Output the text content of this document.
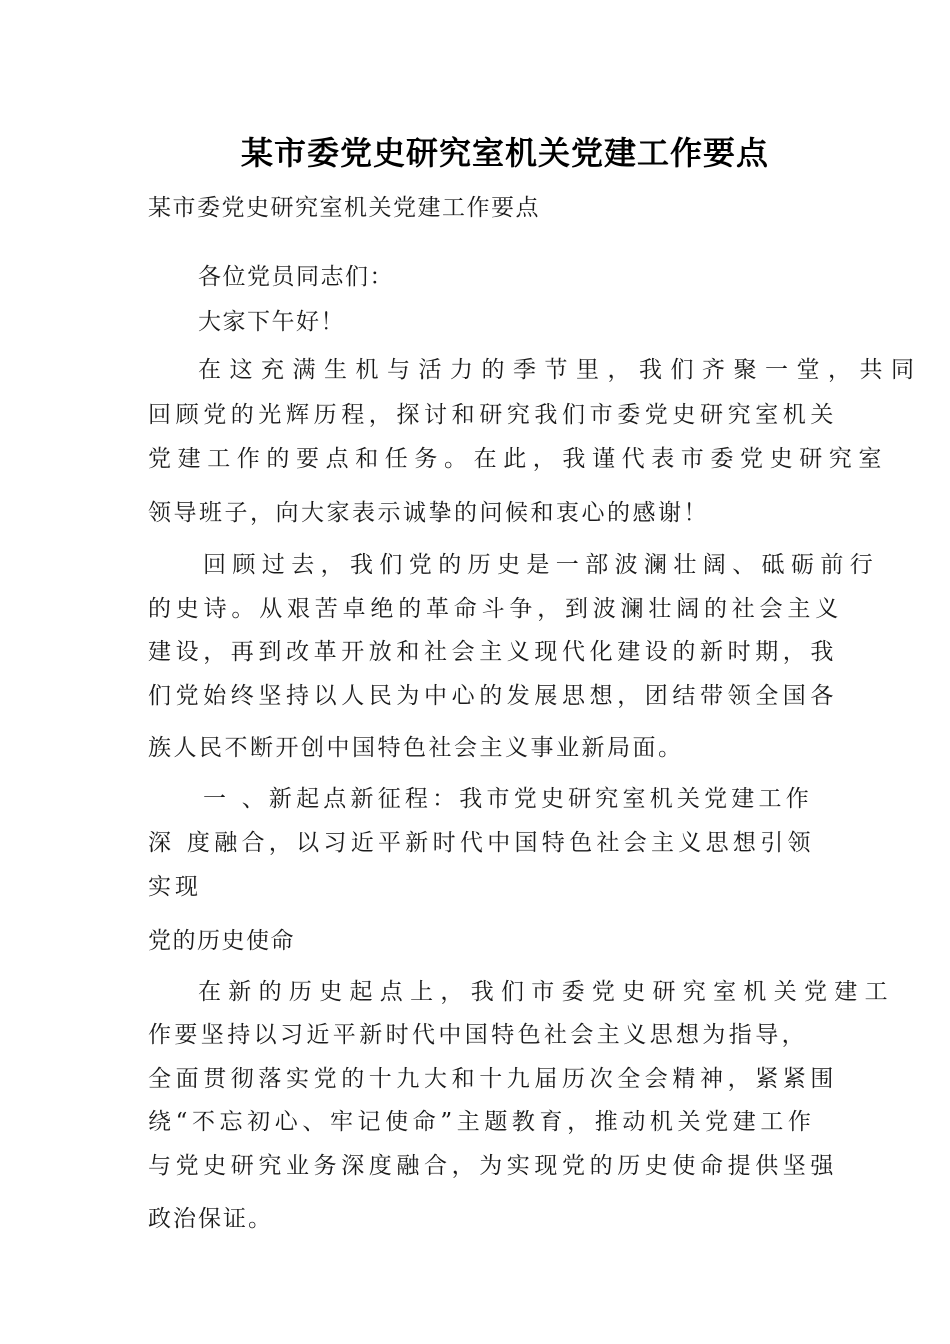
某市委党史研究室机关党建工作要点
某市委党史研究室机关党建工作要点
各位党员同志们：
大家下午好！
在这充满生机与活力的季节里，我们齐聚一堂，共同
回顾党的光辉历程，探讨和研究我们市委党史研究室机关
党建工作的要点和任务。在此，我谨代表市委党史研究室
领导班子，向大家表示诚挚的问候和衷心的感谢！
回顾过去，我们党的历史是一部波澜壮阔、砥砺前行
的史诗。从艰苦卓绝的革命斗争，到波澜壮阔的社会主义
建设，再到改革开放和社会主义现代化建设的新时期，我
们党始终坚持以人民为中心的发展思想，团结带领全国各
族人民不断开创中国特色社会主义事业新局面。
一 、新起点新征程：我市党史研究室机关党建工作
深 度融合，以习近平新时代中国特色社会主义思想引领
实现
党的历史使命
在新的历史起点上，我们市委党史研究室机关党建工
作要坚持以习近平新时代中国特色社会主义思想为指导，
全面贯彻落实党的十九大和十九届历次全会精神，紧紧围
绕“不忘初心、牢记使命”主题教育，推动机关党建工作
与党史研究业务深度融合，为实现党的历史使命提供坚强
政治保证。
